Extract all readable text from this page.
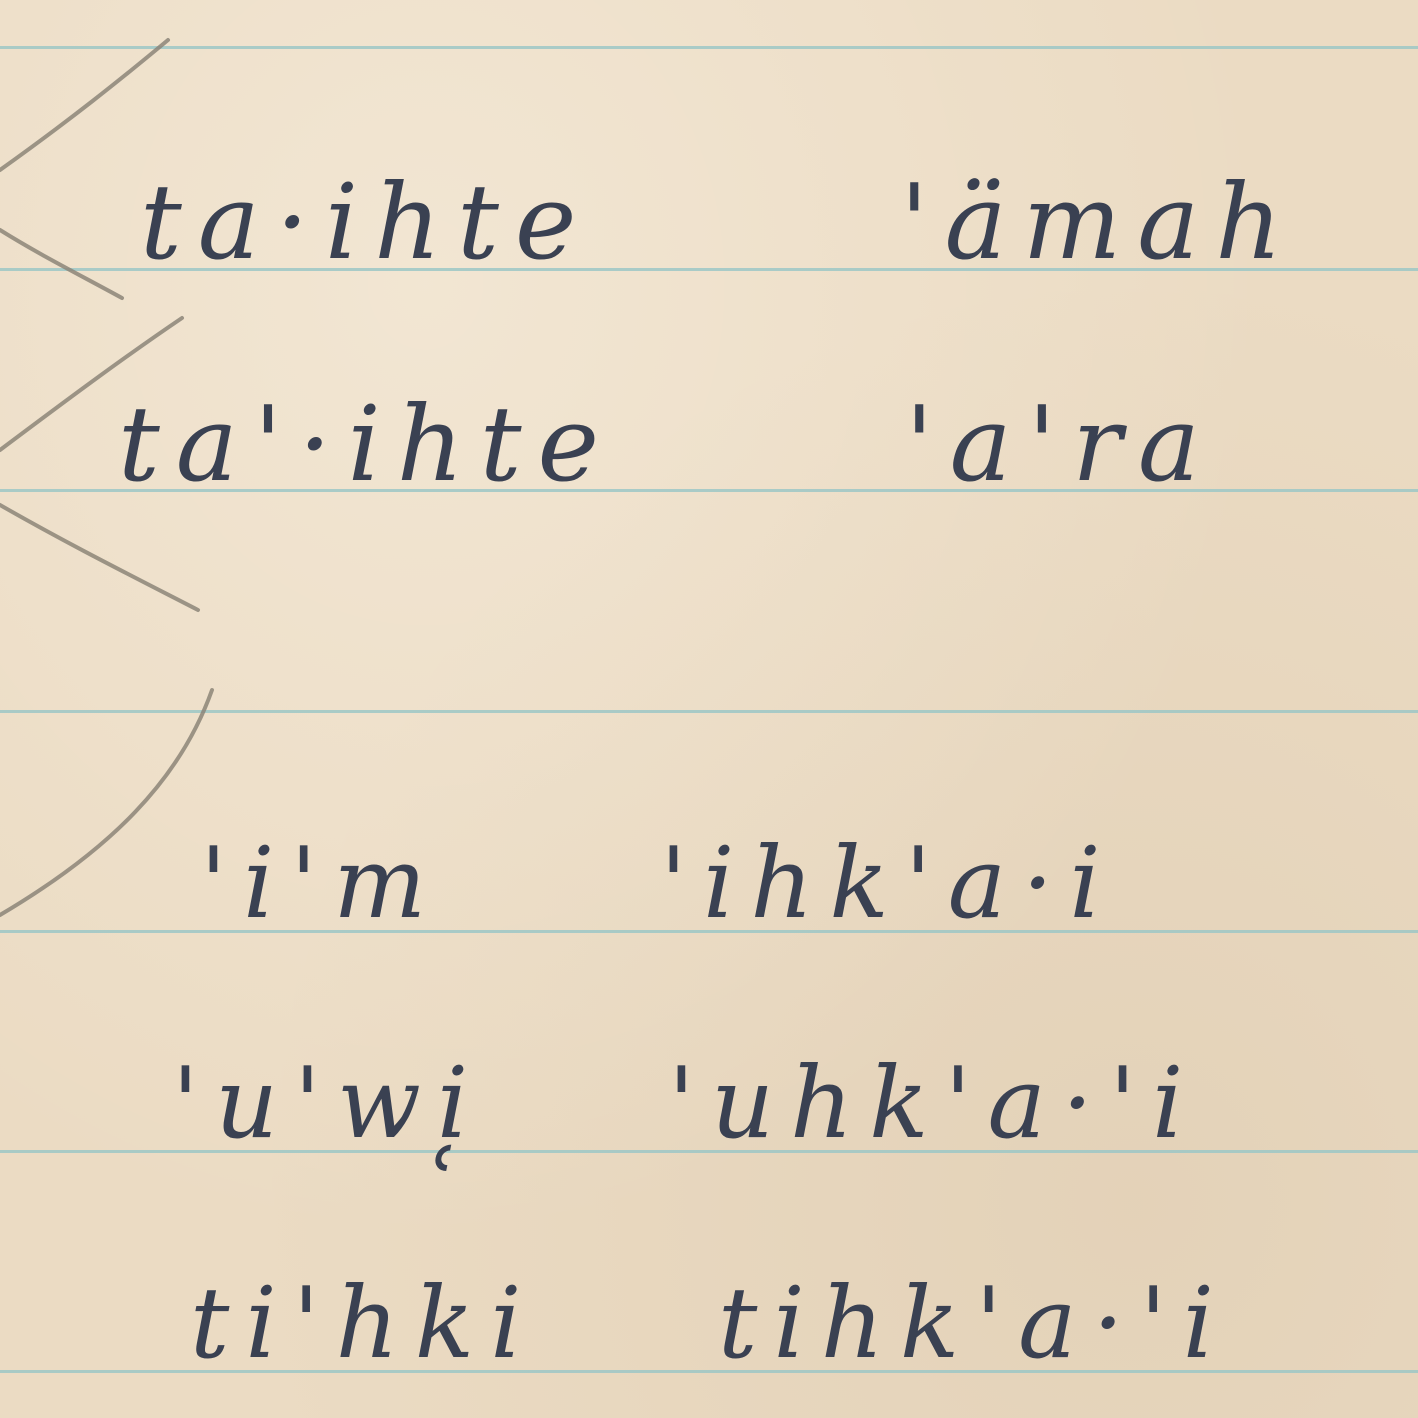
ta·ihte	'ämah
ta'·ihte	'a'ra
'i'm 'ihk'a·i
'u'wi̜ 'uhk'a·'i
ti'hki tihk'a·'i
